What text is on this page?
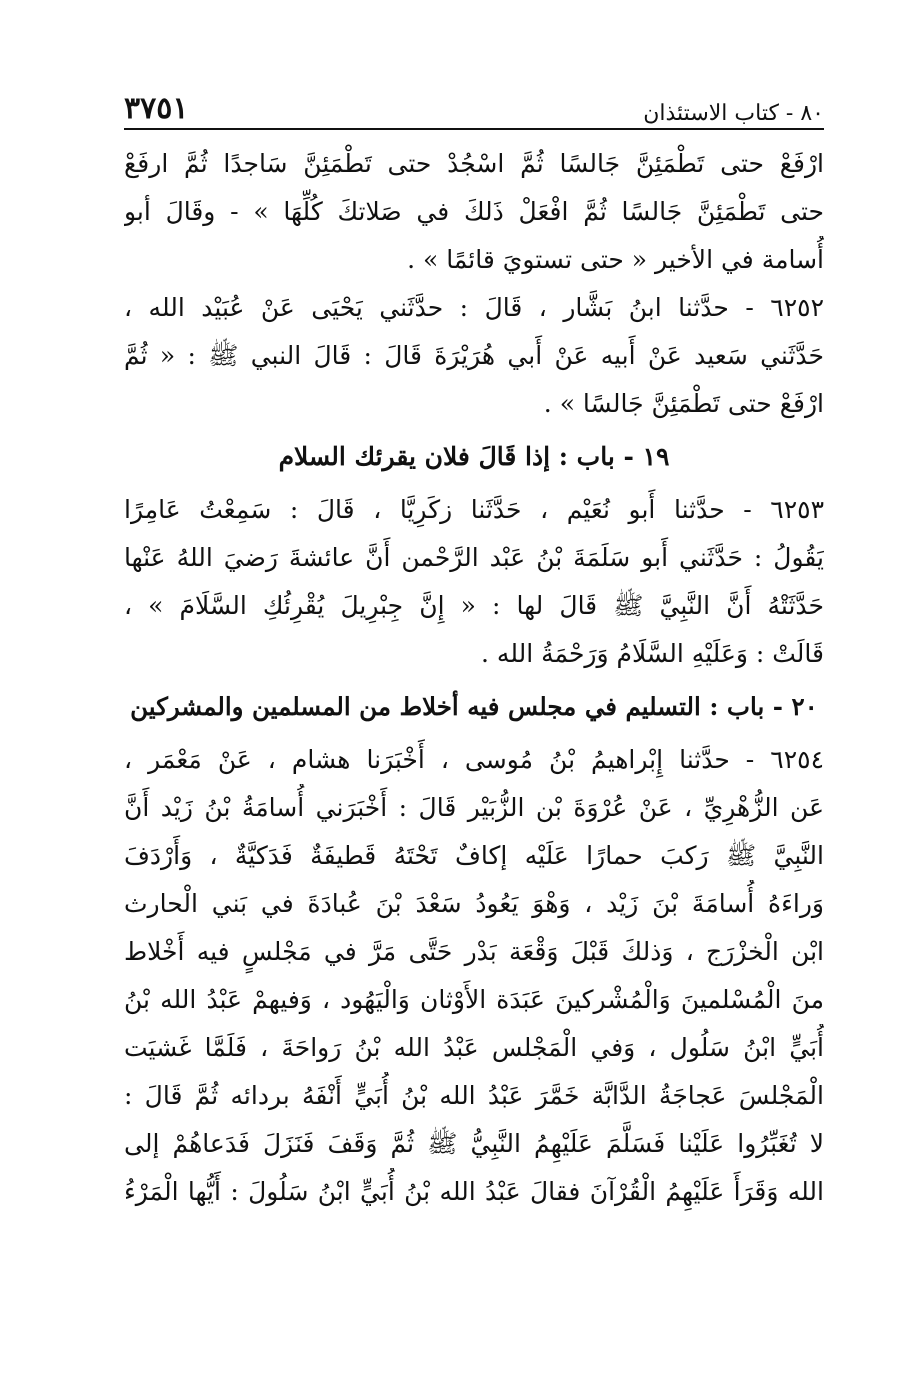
٨٠ - كتاب الاستئذان
٣٧٥١
ارْفَعْ حتى تَطْمَئِنَّ جَالسًا ثُمَّ اسْجُدْ حتى تَطْمَئِنَّ سَاجدًا ثُمَّ ارفَعْ
حتى تَطْمَئِنَّ جَالسًا ثُمَّ افْعَلْ ذَلكَ في صَلاتكَ كُلِّهَا » - وقَالَ أبو
أُسامة في الأخير « حتى تستويَ قائمًا » .
٦٢٥٢ - حدَّثنا ابنُ بَشَّار ، قَالَ : حدَّثَني يَحْيَى عَنْ عُبَيْد الله ،
حَدَّثَني سَعيد عَنْ أَبيه عَنْ أَبي هُرَيْرَةَ قَالَ : قَالَ النبي ﷺ : « ثُمَّ
ارْفَعْ حتى تَطْمَئِنَّ جَالسًا » .
١٩ - باب : إذا قَالَ فلان يقرئك السلام
٦٢٥٣ - حدَّثنا أَبو نُعَيْم ، حَدَّثَنا زكَرِيَّا ، قَالَ : سَمِعْتُ عَامِرًا
يَقُولُ : حَدَّثَني أَبو سَلَمَةَ بْنُ عَبْد الرَّحْمن أَنَّ عائشةَ رَضيَ اللهُ عَنْها
حَدَّثَتْهُ أَنَّ النَّبِيَّ ﷺ قَالَ لها : « إِنَّ جِبْرِيلَ يُقْرِئُكِ السَّلَامَ » ،
قَالَتْ : وَعَلَيْهِ السَّلَامُ وَرَحْمَةُ الله .
٢٠ - باب : التسليم في مجلس فيه أخلاط من المسلمين والمشركين
٦٢٥٤ - حدَّثنا إِبْراهيمُ بْنُ مُوسى ، أَخْبَرَنا هشام ، عَنْ مَعْمَر ،
عَن الزُّهْرِيِّ ، عَنْ عُرْوَةَ بْن الزُّبَيْر قَالَ : أَخْبَرَني أُسامَةُ بْنُ زَيْد أَنَّ
النَّبِيَّ ﷺ رَكبَ حمارًا عَلَيْه إكافٌ تَحْتَهُ قَطيفَةٌ فَدَكيَّةٌ ، وَأَرْدَفَ
وَراءَهُ أُسامَةَ بْنَ زَيْد ، وَهْوَ يَعُودُ سَعْدَ بْنَ عُبادَةَ في بَني الْحارث
ابْن الْخزْرَج ، وَذلكَ قَبْلَ وَقْعَة بَدْر حَتَّى مَرَّ في مَجْلسٍ فيه أَخْلاط
منَ الْمُسْلمينَ وَالْمُشْركينَ عَبَدَة الأَوْثان وَالْيَهُود ، وَفيهمْ عَبْدُ الله بْنُ
أُبَيٍّ ابْنُ سَلُول ، وَفي الْمَجْلس عَبْدُ الله بْنُ رَواحَةَ ، فَلَمَّا غَشيَت
الْمَجْلسَ عَجاجَةُ الدَّابَّة خَمَّرَ عَبْدُ الله بْنُ أُبَيٍّ أَنْفَهُ بردائه ثُمَّ قَالَ :
لا تُغَبِّرُوا عَلَيْنا فَسَلَّمَ عَلَيْهِمُ النَّبِيُّ ﷺ ثُمَّ وَقَفَ فَنَزَلَ فَدَعاهُمْ إلى
الله وَقَرَأَ عَلَيْهِمُ الْقُرْآنَ فقالَ عَبْدُ الله بْنُ أُبَيٍّ ابْنُ سَلُولَ : أَيُّها الْمَرْءُ
